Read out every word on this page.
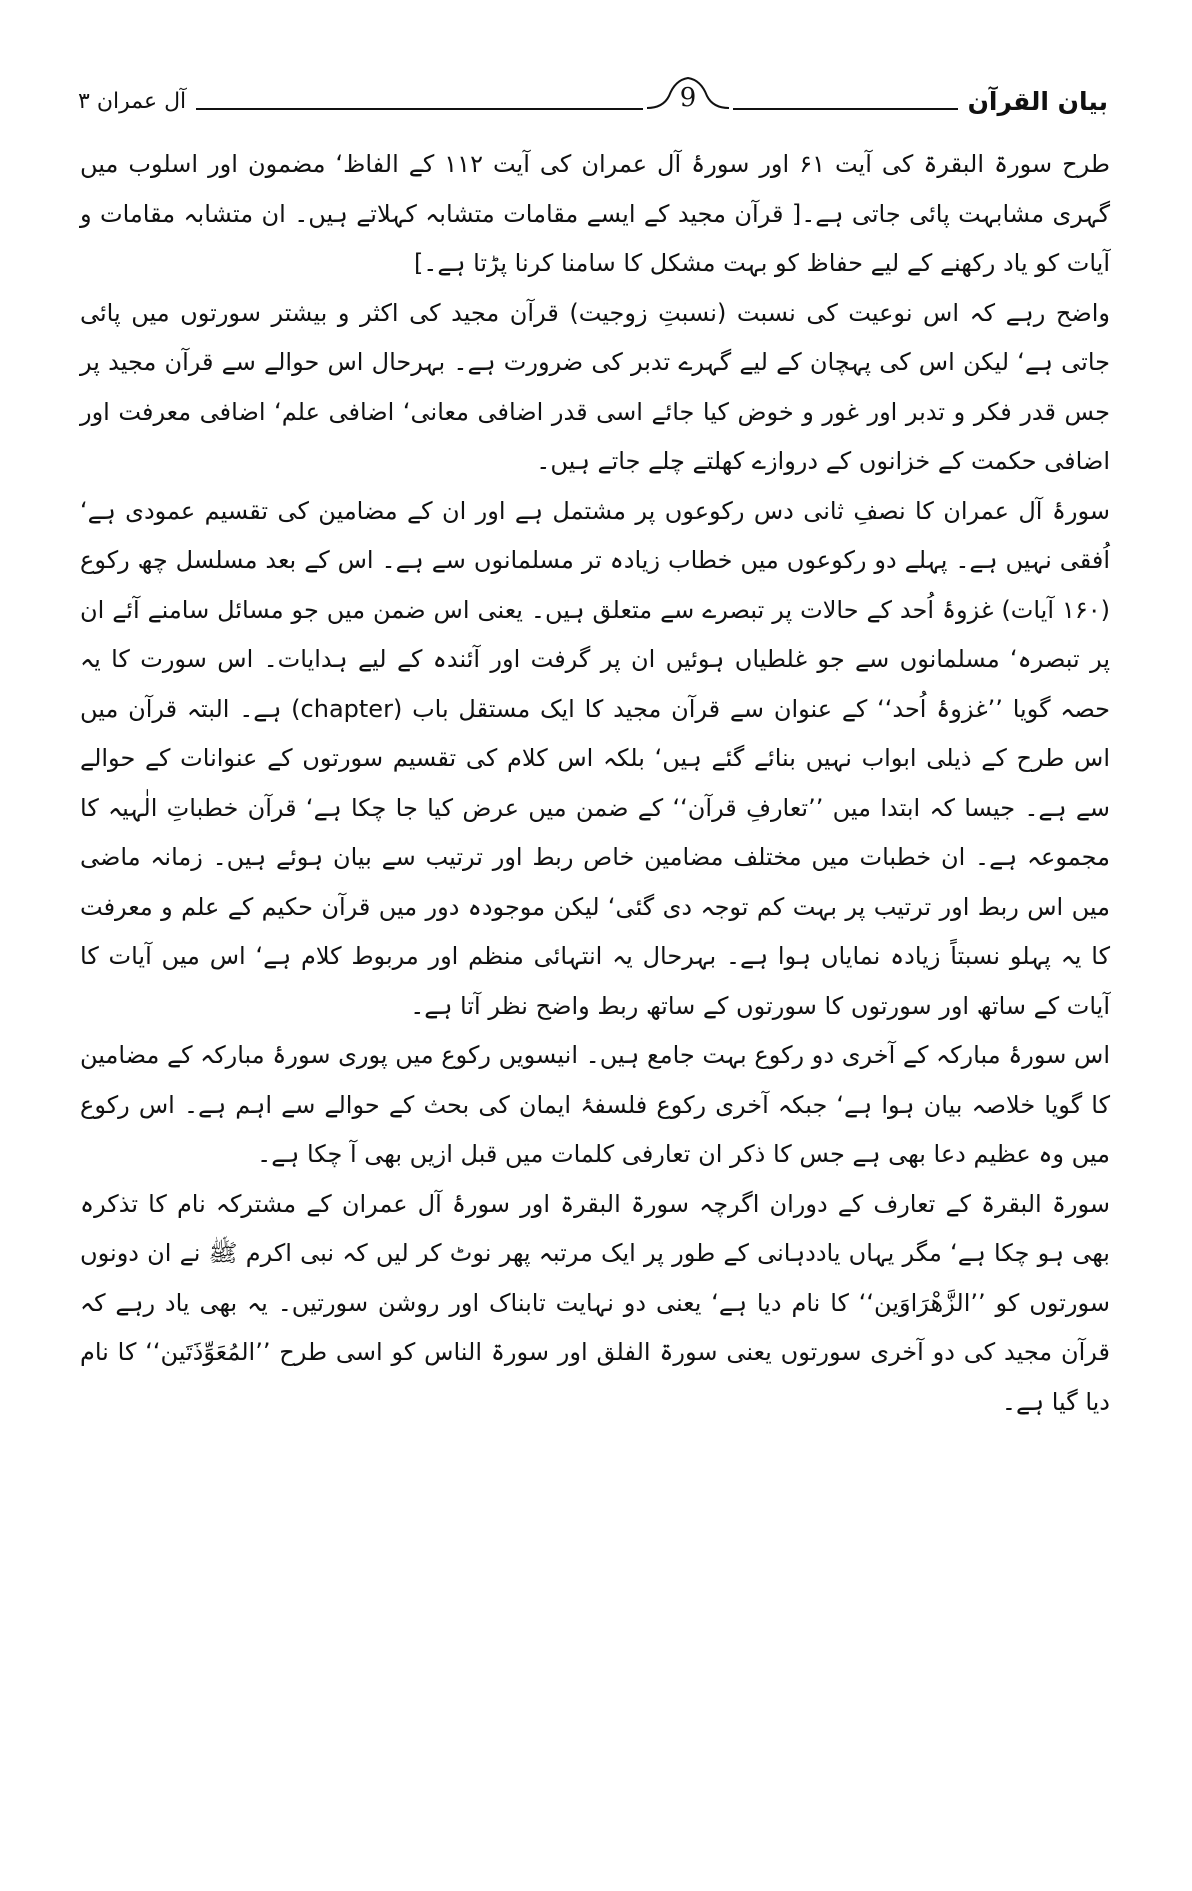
بیان القرآن
9
آل عمران ۳

طرح سورۃ البقرۃ کی آیت ۶۱ اور سورۂ آل عمران کی آیت ۱۱۲ کے الفاظ‘ مضمون اور اسلوب میں گہری مشابہت پائی جاتی ہے۔[ قرآن مجید کے ایسے مقامات متشابہ کہلاتے ہیں۔ ان متشابہ مقامات و آیات کو یاد رکھنے کے لیے حفاظ کو بہت مشکل کا سامنا کرنا پڑتا ہے۔]

واضح رہے کہ اس نوعیت کی نسبت (نسبتِ زوجیت) قرآن مجید کی اکثر و بیشتر سورتوں میں پائی جاتی ہے‘ لیکن اس کی پہچان کے لیے گہرے تدبر کی ضرورت ہے۔ بہرحال اس حوالے سے قرآن مجید پر جس قدر فکر و تدبر اور غور و خوض کیا جائے اسی قدر اضافی معانی‘ اضافی علم‘ اضافی معرفت اور اضافی حکمت کے خزانوں کے دروازے کھلتے چلے جاتے ہیں۔

سورۂ آل عمران کا نصفِ ثانی دس رکوعوں پر مشتمل ہے اور ان کے مضامین کی تقسیم عمودی ہے‘ اُفقی نہیں ہے۔ پہلے دو رکوعوں میں خطاب زیادہ تر مسلمانوں سے ہے۔ اس کے بعد مسلسل چھ رکوع (۱۶۰ آیات) غزوۂ اُحد کے حالات پر تبصرے سے متعلق ہیں۔ یعنی اس ضمن میں جو مسائل سامنے آئے ان پر تبصرہ‘ مسلمانوں سے جو غلطیاں ہوئیں ان پر گرفت اور آئندہ کے لیے ہدایات۔ اس سورت کا یہ حصہ گویا ’’غزوۂ اُحد‘‘ کے عنوان سے قرآن مجید کا ایک مستقل باب (chapter) ہے۔ البتہ قرآن میں اس طرح کے ذیلی ابواب نہیں بنائے گئے ہیں‘ بلکہ اس کلام کی تقسیم سورتوں کے عنوانات کے حوالے سے ہے۔ جیسا کہ ابتدا میں ’’تعارفِ قرآن‘‘ کے ضمن میں عرض کیا جا چکا ہے‘ قرآن خطباتِ الٰہیہ کا مجموعہ ہے۔ ان خطبات میں مختلف مضامین خاص ربط اور ترتیب سے بیان ہوئے ہیں۔ زمانہ ماضی میں اس ربط اور ترتیب پر بہت کم توجہ دی گئی‘ لیکن موجودہ دور میں قرآن حکیم کے علم و معرفت کا یہ پہلو نسبتاً زیادہ نمایاں ہوا ہے۔ بہرحال یہ انتہائی منظم اور مربوط کلام ہے‘ اس میں آیات کا آیات کے ساتھ اور سورتوں کا سورتوں کے ساتھ ربط واضح نظر آتا ہے۔

اس سورۂ مبارکہ کے آخری دو رکوع بہت جامع ہیں۔ انیسویں رکوع میں پوری سورۂ مبارکہ کے مضامین کا گویا خلاصہ بیان ہوا ہے‘ جبکہ آخری رکوع فلسفۂ ایمان کی بحث کے حوالے سے اہم ہے۔ اس رکوع میں وہ عظیم دعا بھی ہے جس کا ذکر ان تعارفی کلمات میں قبل ازیں بھی آ چکا ہے۔

سورۃ البقرۃ کے تعارف کے دوران اگرچہ سورۃ البقرۃ اور سورۂ آل عمران کے مشترکہ نام کا تذکرہ بھی ہو چکا ہے‘ مگر یہاں یاددہانی کے طور پر ایک مرتبہ پھر نوٹ کر لیں کہ نبی اکرم ﷺ نے ان دونوں سورتوں کو ’’الزَّھْرَاوَین‘‘ کا نام دیا ہے‘ یعنی دو نہایت تابناک اور روشن سورتیں۔ یہ بھی یاد رہے کہ قرآن مجید کی دو آخری سورتوں یعنی سورۃ الفلق اور سورۃ الناس کو اسی طرح ’’المُعَوِّذَتَین‘‘ کا نام دیا گیا ہے۔
